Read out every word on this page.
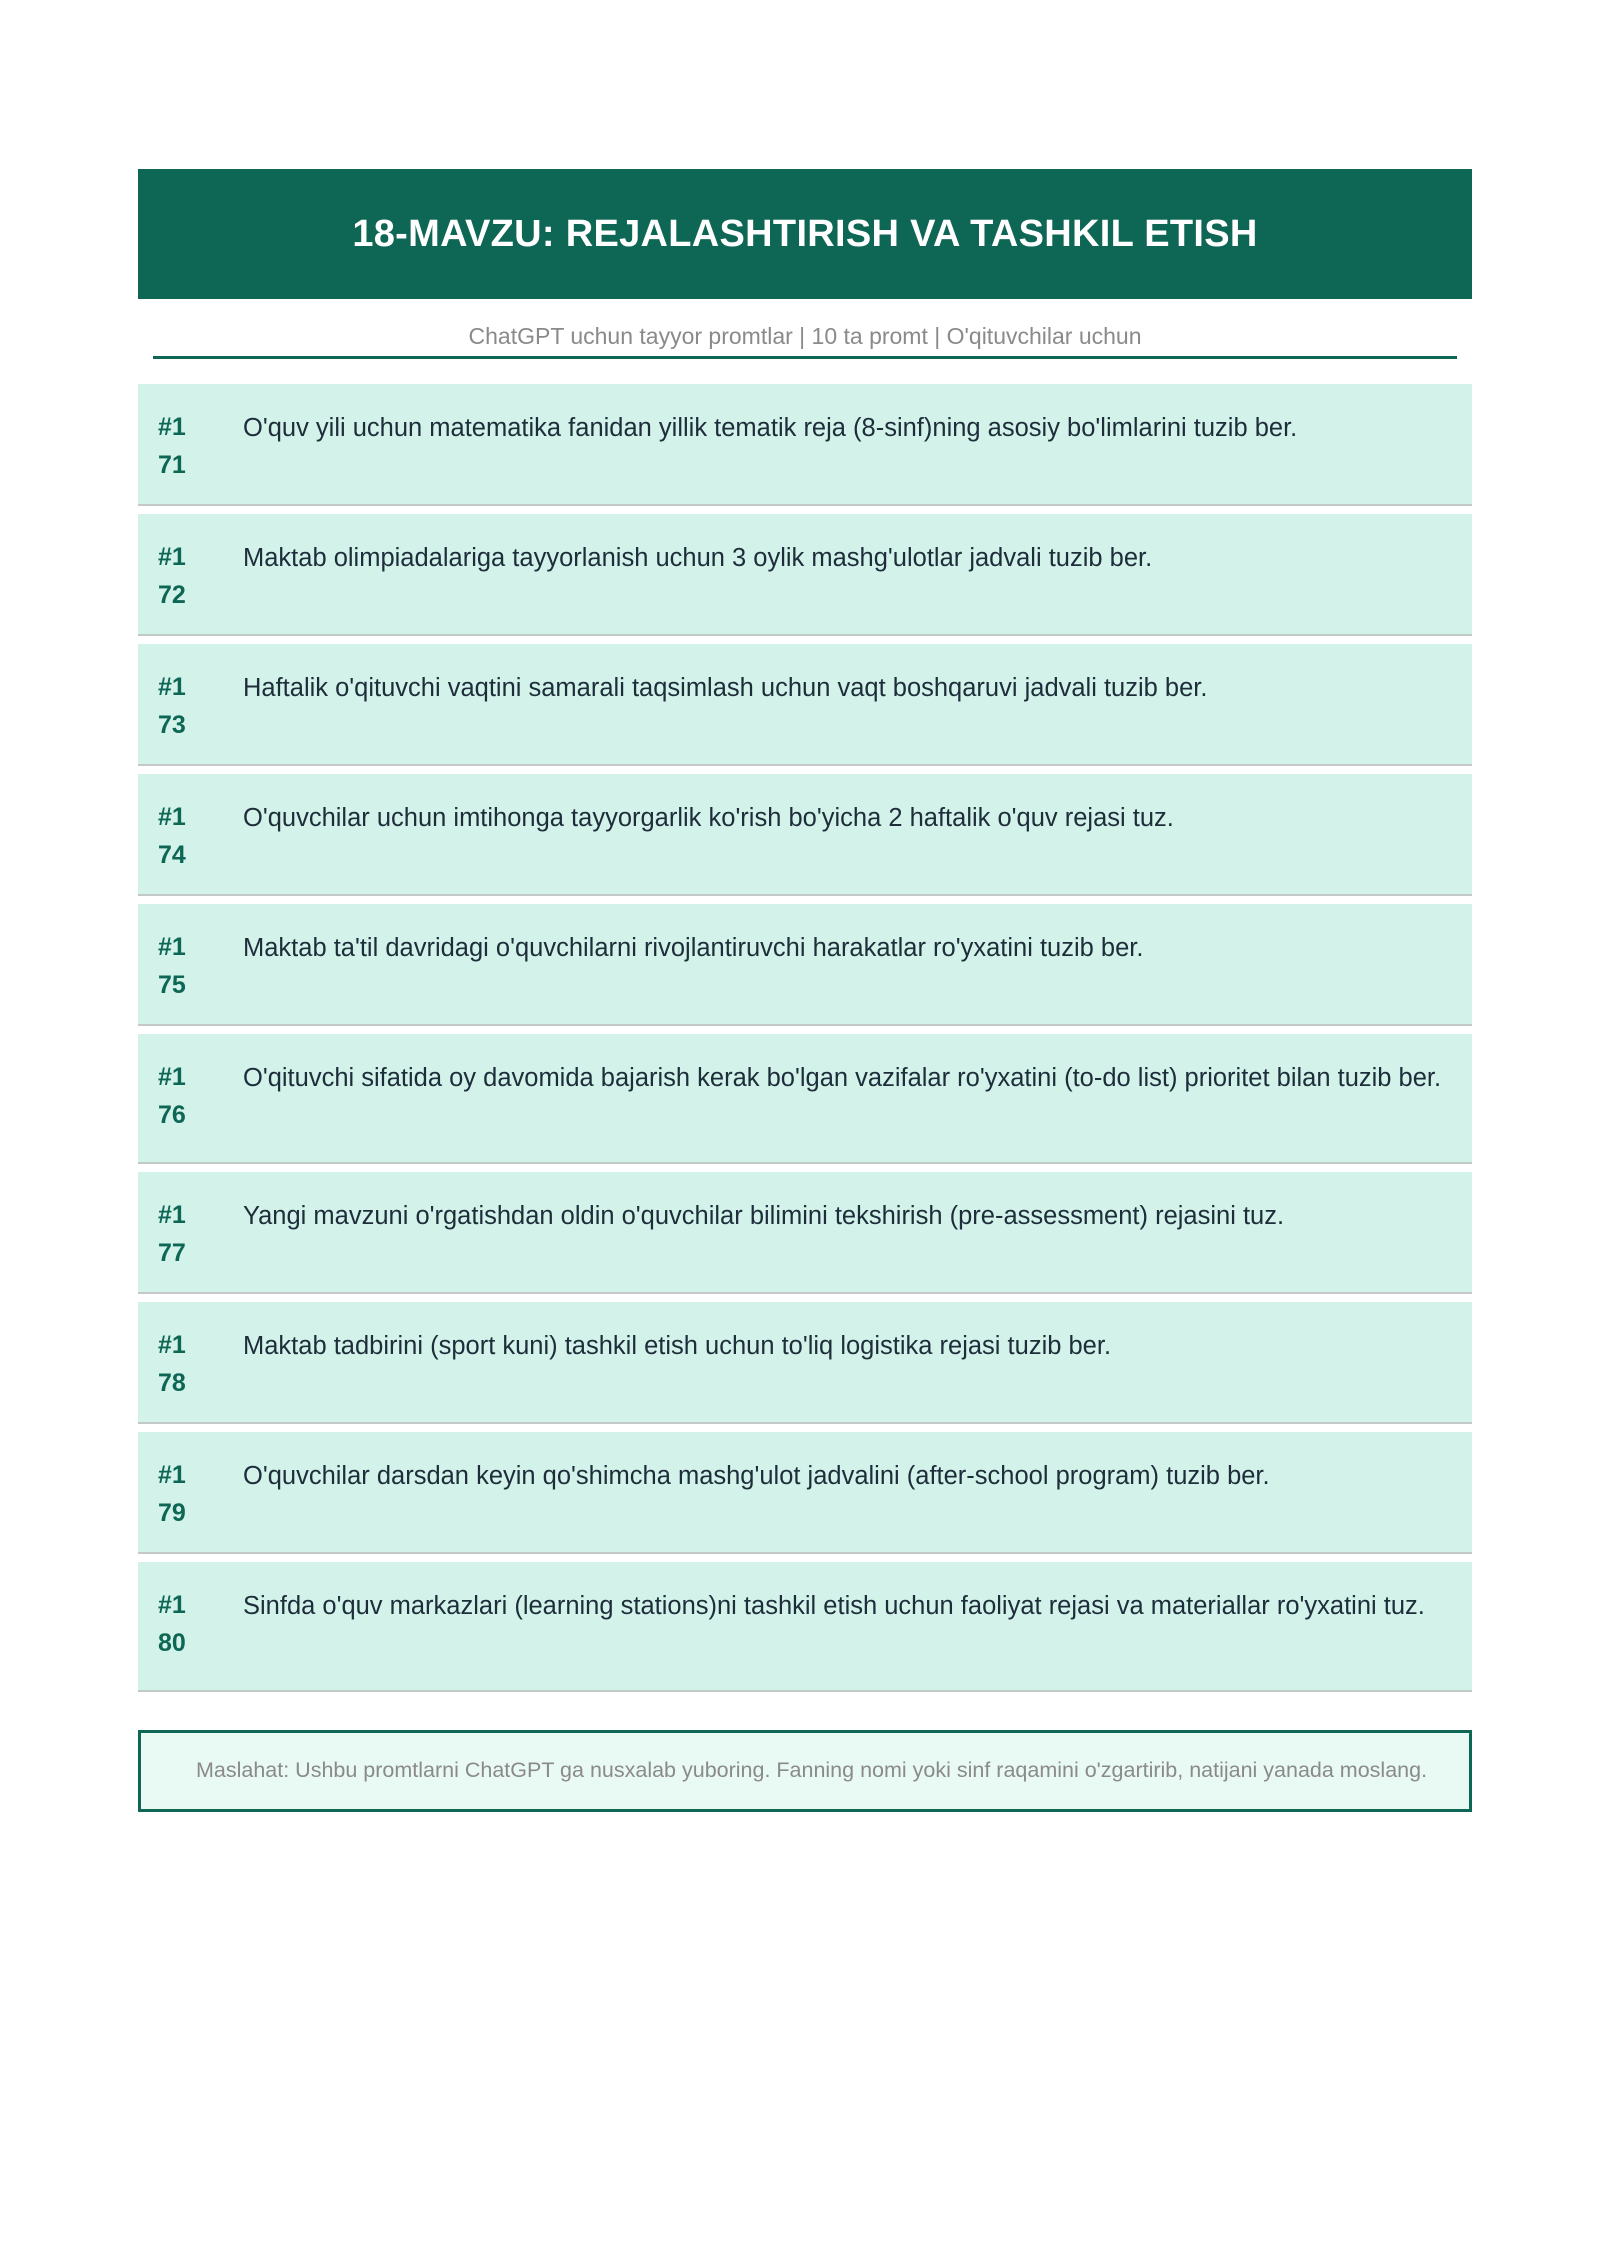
18-MAVZU: REJALASHTIRISH VA TASHKIL ETISH
ChatGPT uchun tayyor promtlar | 10 ta promt | O'qituvchilar uchun
#1
71

O'quv yili uchun matematika fanidan yillik tematik reja (8-sinf)ning asosiy bo'limlarini tuzib ber.

#1
72

Maktab olimpiadalariga tayyorlanish uchun 3 oylik mashg'ulotlar jadvali tuzib ber.

#1
73

Haftalik o'qituvchi vaqtini samarali taqsimlash uchun vaqt boshqaruvi jadvali tuzib ber.

#1
74

O'quvchilar uchun imtihonga tayyorgarlik ko'rish bo'yicha 2 haftalik o'quv rejasi tuz.

#1
75

Maktab ta'til davridagi o'quvchilarni rivojlantiruvchi harakatlar ro'yxatini tuzib ber.

#1
76

O'qituvchi sifatida oy davomida bajarish kerak bo'lgan vazifalar ro'yxatini (to-do list) prioritet bilan tuzib ber.

#1
77

Yangi mavzuni o'rgatishdan oldin o'quvchilar bilimini tekshirish (pre-assessment) rejasini tuz.

#1
78

Maktab tadbirini (sport kuni) tashkil etish uchun to'liq logistika rejasi tuzib ber.

#1
79

O'quvchilar darsdan keyin qo'shimcha mashg'ulot jadvalini (after-school program) tuzib ber.

#1
80

Sinfda o'quv markazlari (learning stations)ni tashkil etish uchun faoliyat rejasi va materiallar ro'yxatini tuz.

Maslahat: Ushbu promtlarni ChatGPT ga nusxalab yuboring. Fanning nomi yoki sinf raqamini o'zgartirib, natijani yanada moslang.
